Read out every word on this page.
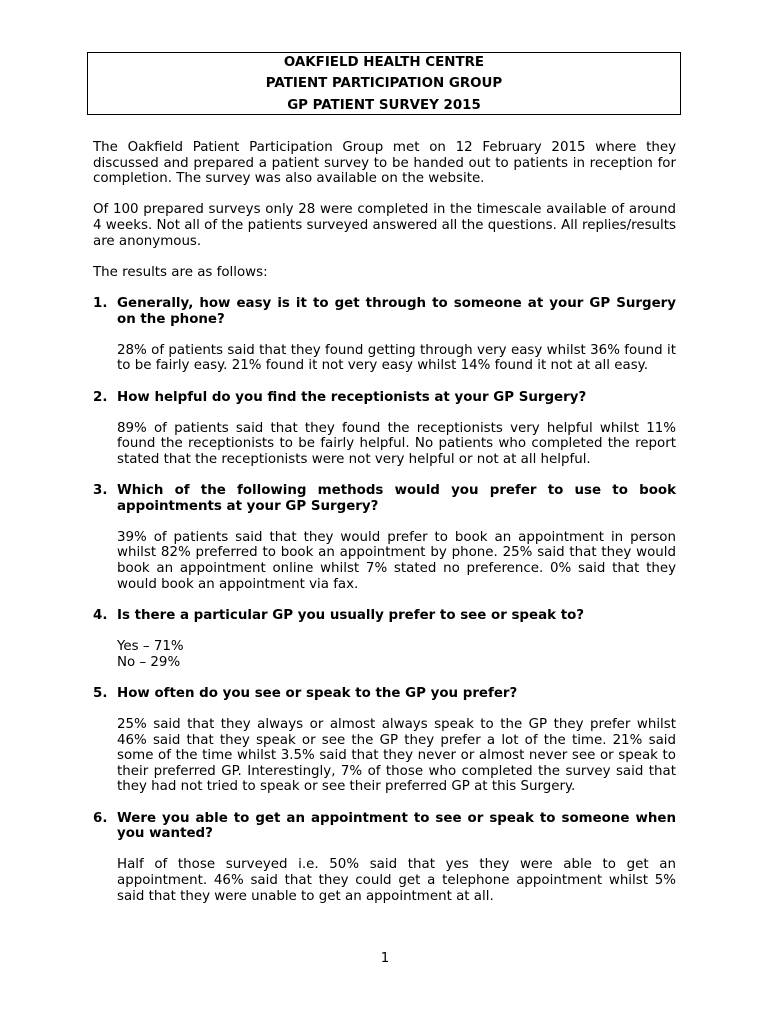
OAKFIELD HEALTH CENTRE
PATIENT PARTICIPATION GROUP
GP PATIENT SURVEY 2015

The Oakfield Patient Participation Group met on 12 February 2015 where they discussed and prepared a patient survey to be handed out to patients in reception for completion. The survey was also available on the website.

Of 100 prepared surveys only 28 were completed in the timescale available of around 4 weeks. Not all of the patients surveyed answered all the questions. All replies/results are anonymous.

The results are as follows:

1. Generally, how easy is it to get through to someone at your GP Surgery on the phone?

28% of patients said that they found getting through very easy whilst 36% found it to be fairly easy. 21% found it not very easy whilst 14% found it not at all easy.

2. How helpful do you find the receptionists at your GP Surgery?

89% of patients said that they found the receptionists very helpful whilst 11% found the receptionists to be fairly helpful. No patients who completed the report stated that the receptionists were not very helpful or not at all helpful.

3. Which of the following methods would you prefer to use to book appointments at your GP Surgery?

39% of patients said that they would prefer to book an appointment in person whilst 82% preferred to book an appointment by phone. 25% said that they would book an appointment online whilst 7% stated no preference. 0% said that they would book an appointment via fax.

4. Is there a particular GP you usually prefer to see or speak to?
Yes – 71%
No – 29%
5. How often do you see or speak to the GP you prefer?

25% said that they always or almost always speak to the GP they prefer whilst 46% said that they speak or see the GP they prefer a lot of the time. 21% said some of the time whilst 3.5% said that they never or almost never see or speak to their preferred GP. Interestingly, 7% of those who completed the survey said that they had not tried to speak or see their preferred GP at this Surgery.

6. Were you able to get an appointment to see or speak to someone when you wanted?

Half of those surveyed i.e. 50% said that yes they were able to get an appointment. 46% said that they could get a telephone appointment whilst 5% said that they were unable to get an appointment at all.

1
